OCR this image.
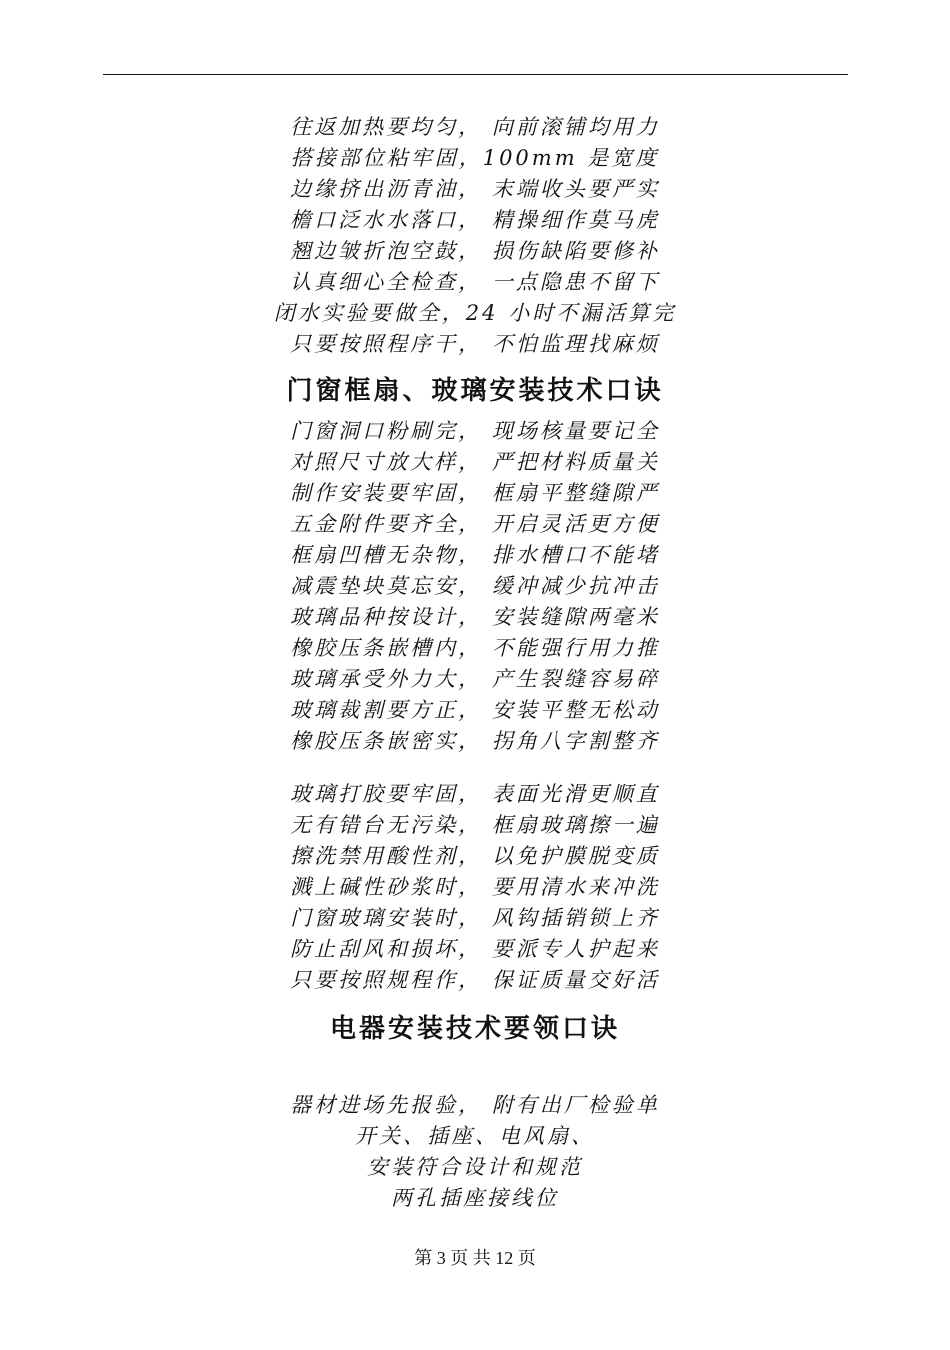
往返加热要均匀， 向前滚铺均用力
搭接部位粘牢固，100mm 是宽度
边缘挤出沥青油， 末端收头要严实
檐口泛水水落口， 精操细作莫马虎
翘边皱折泡空鼓， 损伤缺陷要修补
认真细心全检查， 一点隐患不留下
闭水实验要做全，24 小时不漏活算完
只要按照程序干， 不怕监理找麻烦
门窗框扇、玻璃安装技术口诀
门窗洞口粉刷完， 现场核量要记全
对照尺寸放大样， 严把材料质量关
制作安装要牢固， 框扇平整缝隙严
五金附件要齐全， 开启灵活更方便
框扇凹槽无杂物， 排水槽口不能堵
减震垫块莫忘安， 缓冲减少抗冲击
玻璃品种按设计， 安装缝隙两毫米
橡胶压条嵌槽内， 不能强行用力推
玻璃承受外力大， 产生裂缝容易碎
玻璃裁割要方正， 安装平整无松动
橡胶压条嵌密实， 拐角八字割整齐
玻璃打胶要牢固， 表面光滑更顺直
无有错台无污染， 框扇玻璃擦一遍
擦洗禁用酸性剂， 以免护膜脱变质
溅上碱性砂浆时， 要用清水来冲洗
门窗玻璃安装时， 风钩插销锁上齐
防止刮风和损坏， 要派专人护起来
只要按照规程作， 保证质量交好活
电器安装技术要领口诀
器材进场先报验， 附有出厂检验单
开关、插座、电风扇、
安装符合设计和规范
两孔插座接线位
第 3 页 共 12 页
